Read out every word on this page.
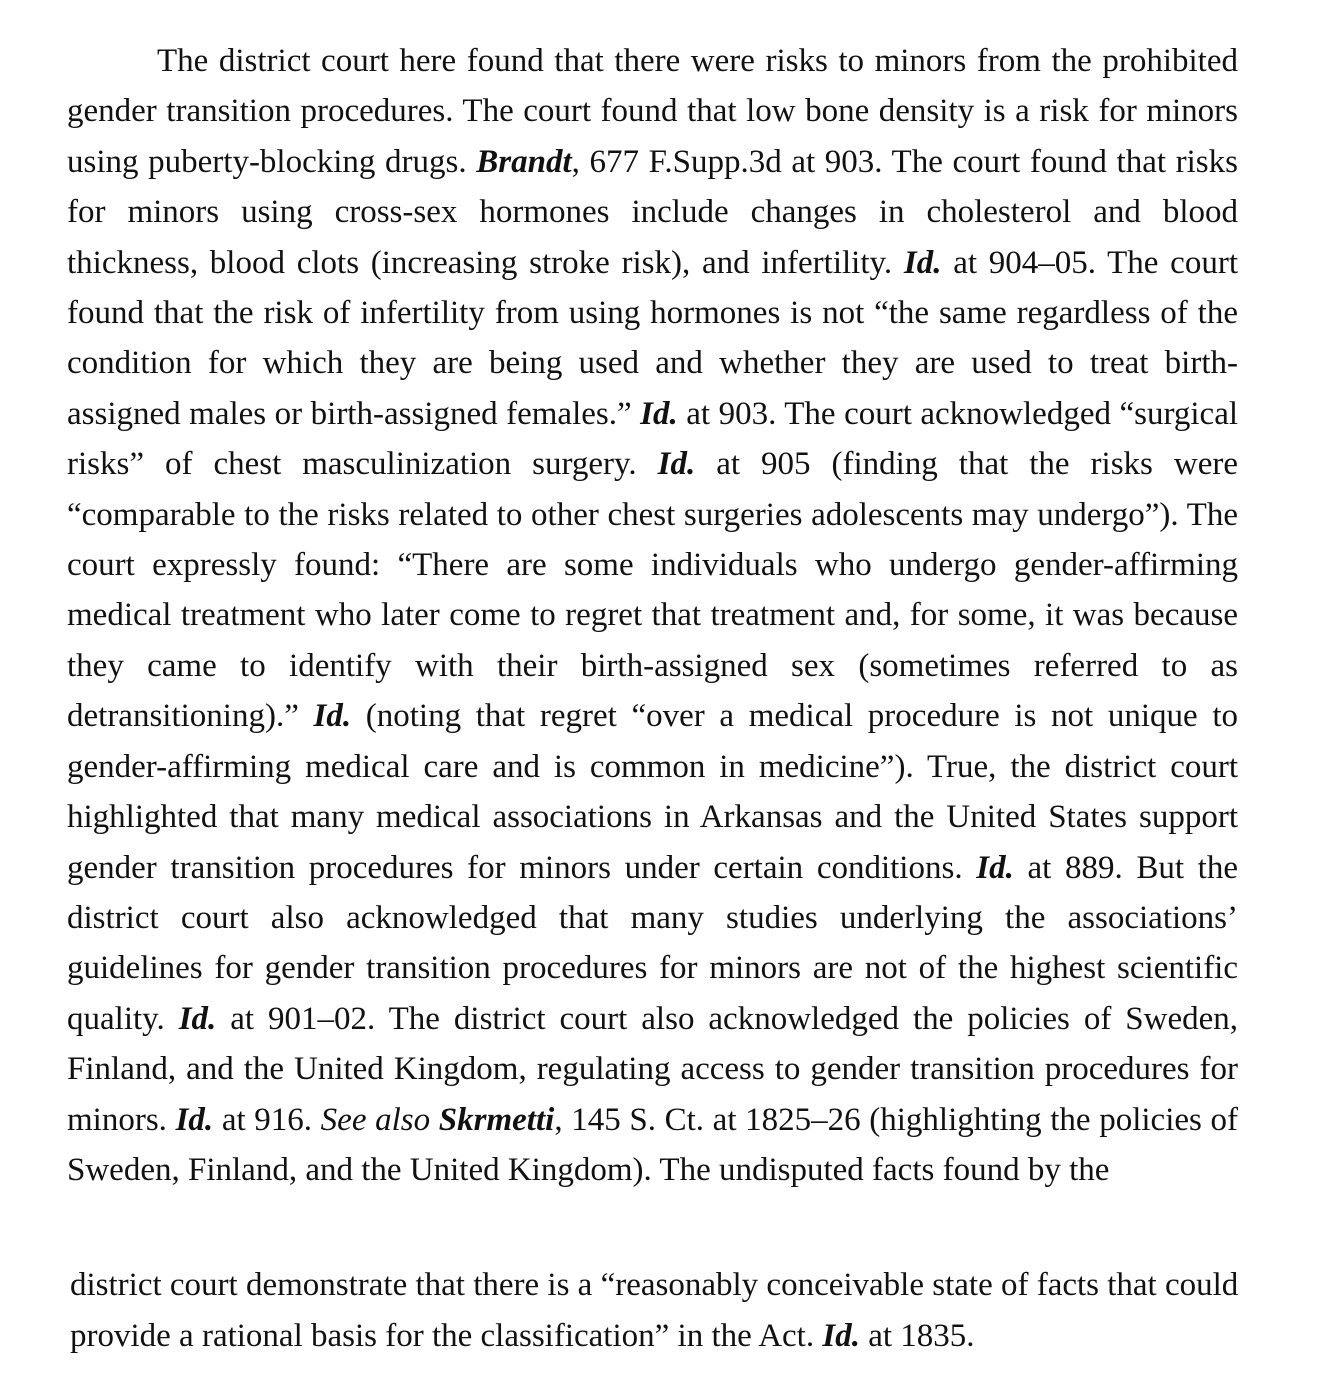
The district court here found that there were risks to minors from the prohibited gender transition procedures. The court found that low bone density is a risk for minors using puberty-blocking drugs. Brandt, 677 F.Supp.3d at 903. The court found that risks for minors using cross-sex hormones include changes in cholesterol and blood thickness, blood clots (increasing stroke risk), and infertility. Id. at 904–05. The court found that the risk of infertility from using hormones is not “the same regardless of the condition for which they are being used and whether they are used to treat birth-assigned males or birth-assigned females.” Id. at 903. The court acknowledged “surgical risks” of chest masculinization surgery. Id. at 905 (finding that the risks were “comparable to the risks related to other chest surgeries adolescents may undergo”). The court expressly found: “There are some individuals who undergo gender-affirming medical treatment who later come to regret that treatment and, for some, it was because they came to identify with their birth-assigned sex (sometimes referred to as detransitioning).” Id. (noting that regret “over a medical procedure is not unique to gender-affirming medical care and is common in medicine”). True, the district court highlighted that many medical associations in Arkansas and the United States support gender transition procedures for minors under certain conditions. Id. at 889. But the district court also acknowledged that many studies underlying the associations’ guidelines for gender transition procedures for minors are not of the highest scientific quality. Id. at 901–02. The district court also acknowledged the policies of Sweden, Finland, and the United Kingdom, regulating access to gender transition procedures for minors. Id. at 916. See also Skrmetti, 145 S. Ct. at 1825–26 (highlighting the policies of Sweden, Finland, and the United Kingdom). The undisputed facts found by the

district court demonstrate that there is a “reasonably conceivable state of facts that could provide a rational basis for the classification” in the Act. Id. at 1835.
